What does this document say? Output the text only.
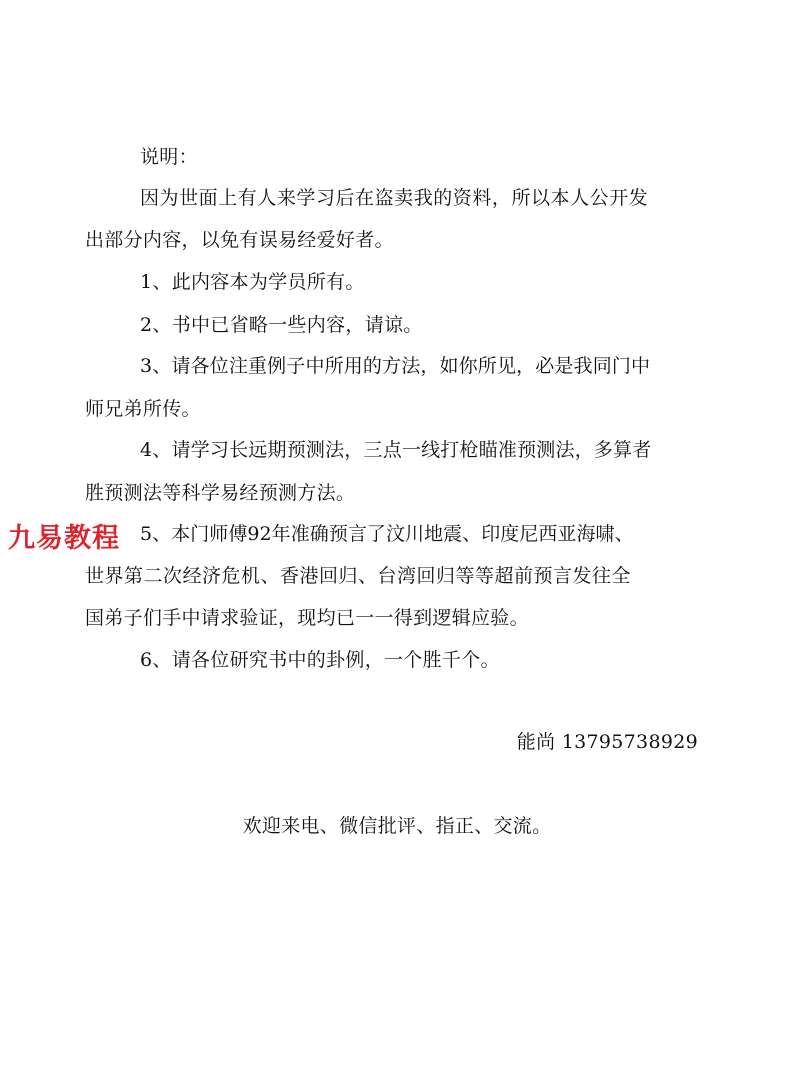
说明：
因为世面上有人来学习后在盗卖我的资料，所以本人公开发
出部分内容，以免有误易经爱好者。
1、此内容本为学员所有。
2、书中已省略一些内容，请谅。
3、请各位注重例子中所用的方法，如你所见，必是我同门中
师兄弟所传。
4、请学习长远期预测法，三点一线打枪瞄准预测法，多算者
胜预测法等科学易经预测方法。
5、本门师傅92年准确预言了汶川地震、印度尼西亚海啸、
世界第二次经济危机、香港回归、台湾回归等等超前预言发往全
国弟子们手中请求验证，现均已一一得到逻辑应验。
6、请各位研究书中的卦例，一个胜千个。
能尚 13795738929
欢迎来电、微信批评、指正、交流。
九易教程
